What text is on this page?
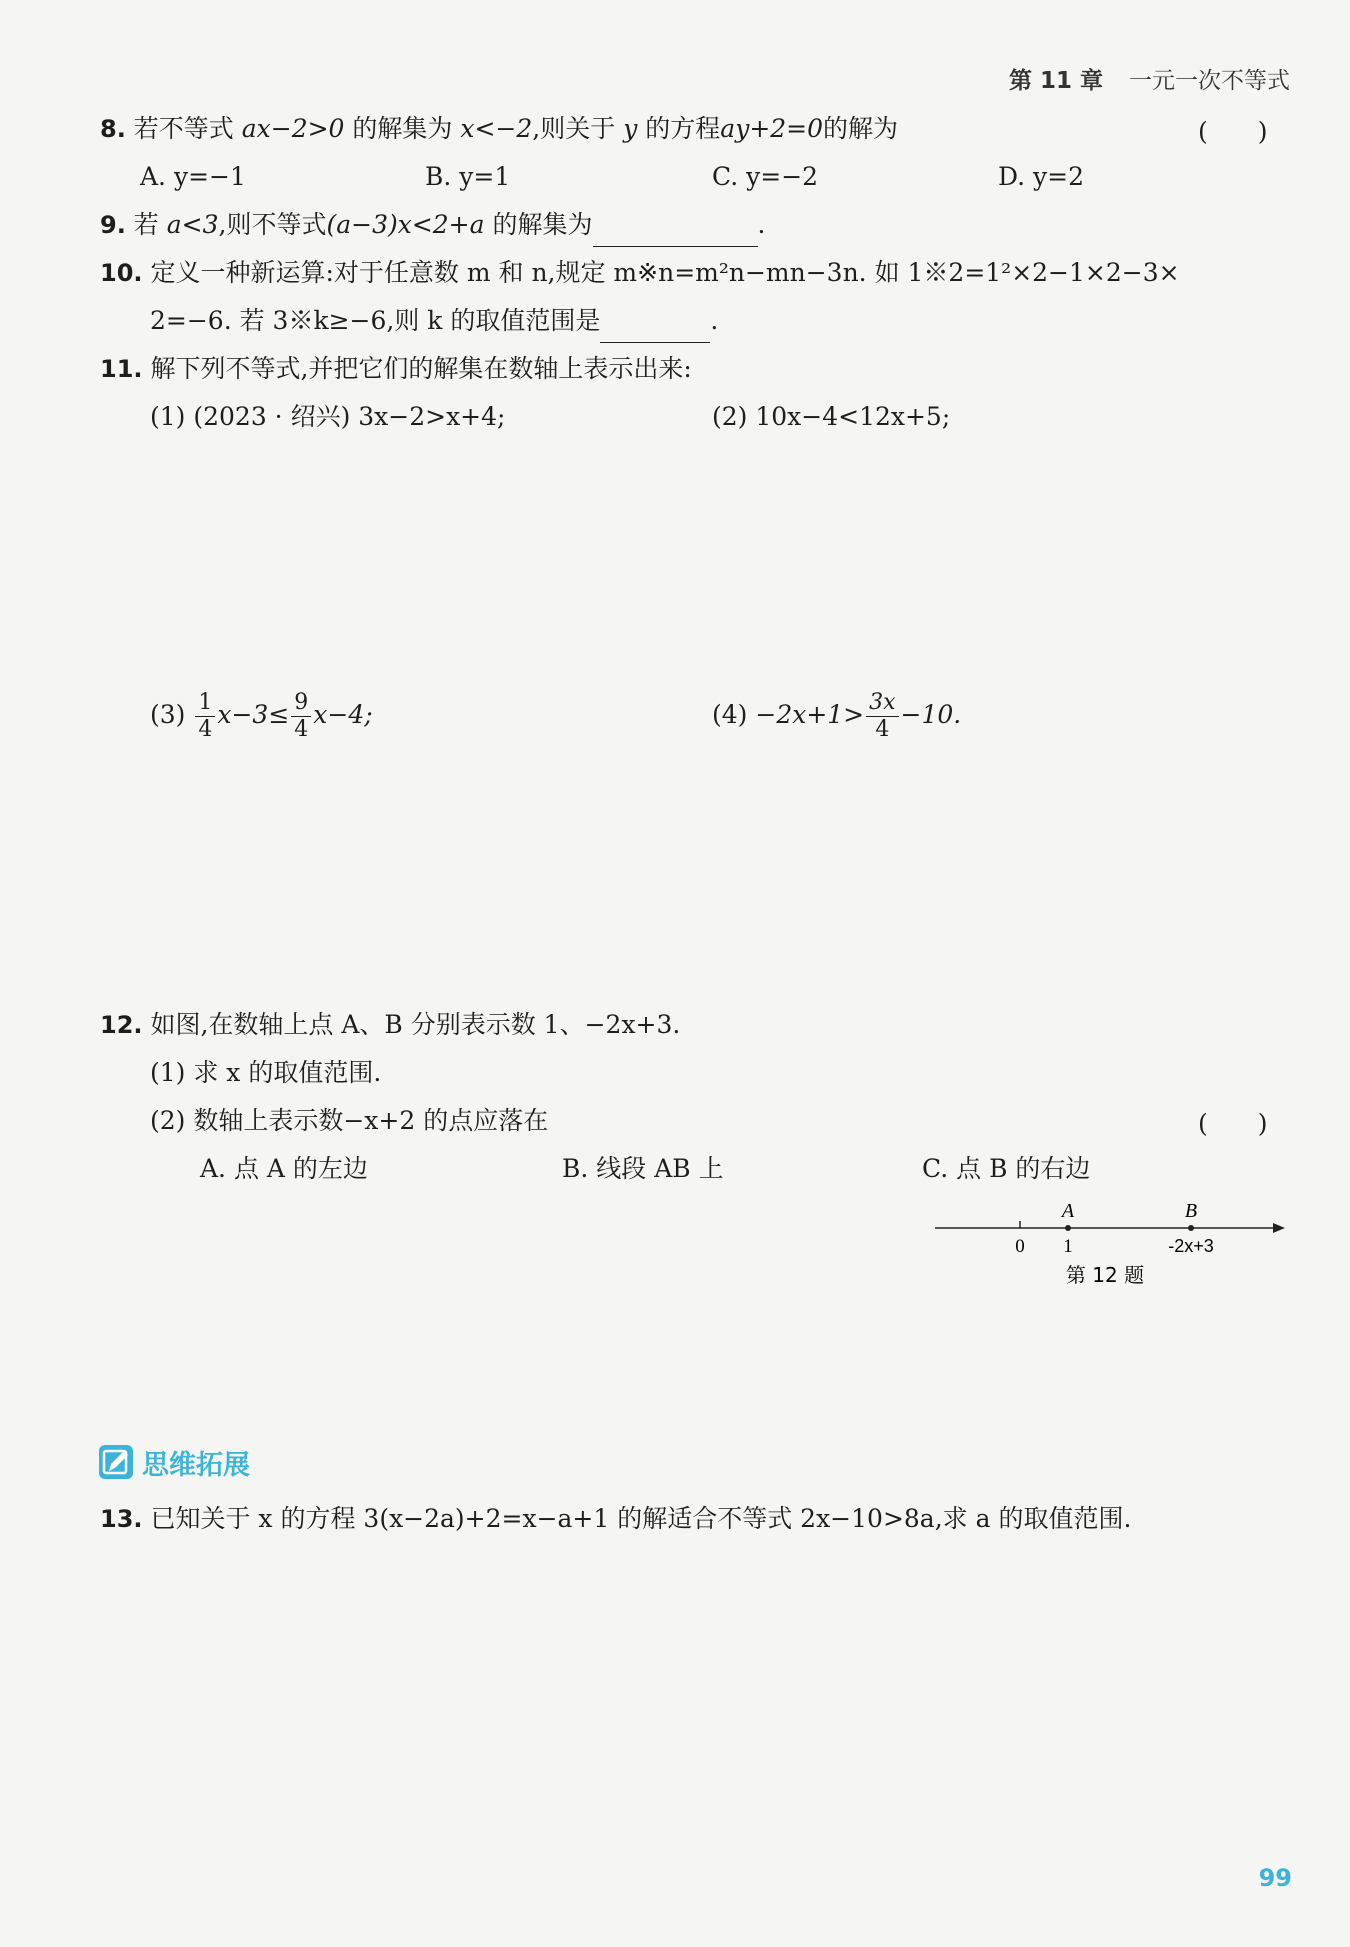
第 11 章 一元一次不等式
8. 若不等式 ax−2>0 的解集为 x<−2,则关于 y 的方程ay+2=0的解为	(　　)
A. y=−1	B. y=1	C. y=−2	D. y=2
9. 若 a<3,则不等式(a−3)x<2+a 的解集为	.
10. 定义一种新运算:对于任意数 m 和 n,规定 m※n=m²n−mn−3n. 如 1※2=1²×2−1×2−3×
2=−6. 若 3※k≥−6,则 k 的取值范围是	.
11. 解下列不等式,并把它们的解集在数轴上表示出来:
(1) (2023 · 绍兴) 3x−2>x+4;	(2) 10x−4<12x+5;
$(3) \frac{1}{4} x-3\le \frac{9}{4} x-4$;	$(4) -2x+1> \frac{3x}{4} -10$.
12. 如图,在数轴上点 A、B 分别表示数 1、−2x+3.
(1) 求 x 的取值范围.
(2) 数轴上表示数−x+2 的点应落在	(　　)
A. 点 A 的左边	B. 线段 AB 上	C. 点 B 的右边
A	B
0 1	-2x+3
第 12 题
思维拓展
13. 已知关于 x 的方程 3(x−2a)+2=x−a+1 的解适合不等式 2x−10>8a,求 a 的取值范围.
99
